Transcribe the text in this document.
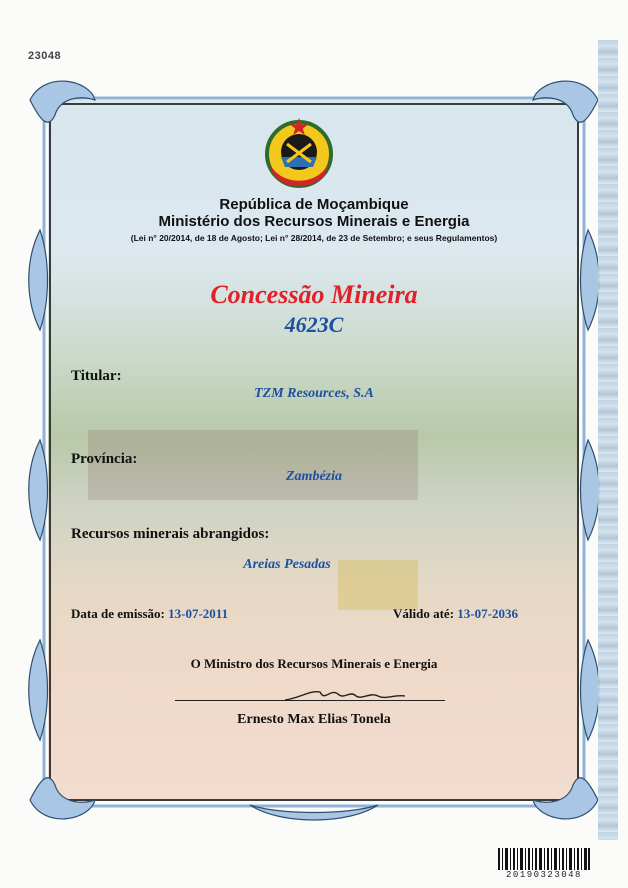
23048
República de Moçambique
Ministério dos Recursos Minerais e Energia
(Lei n° 20/2014, de 18 de Agosto; Lei n° 28/2014, de 23 de Setembro; e seus Regulamentos)
Concessão Mineira
4623C
Titular:
TZM Resources, S.A
Província:
Zambézia
Recursos minerais abrangidos:
Areias Pesadas
Data de emissão: 13-07-2011	Válido até: 13-07-2036
O Ministro dos Recursos Minerais e Energia
Ernesto Max Elias Tonela
20190323048
